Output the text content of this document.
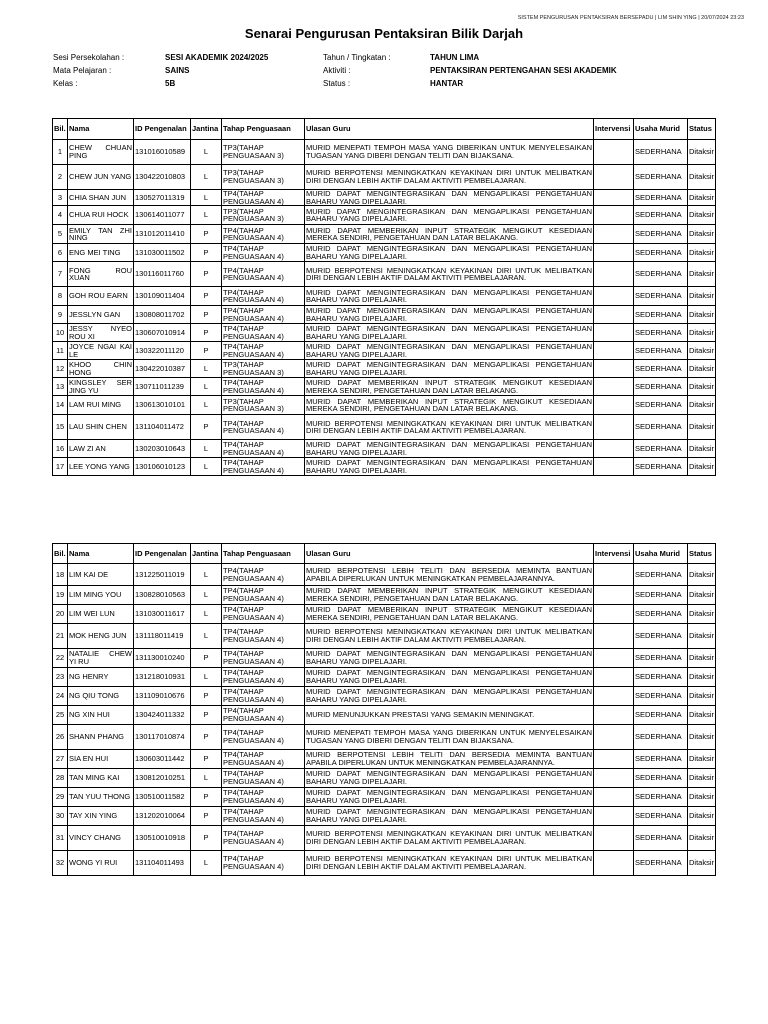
SISTEM PENGURUSAN PENTAKSIRAN BERSEPADU | LIM SHIN YING | 20/07/2024 23:23
Senarai Pengurusan Pentaksiran Bilik Darjah
Sesi Persekolahan :	SESI AKADEMIK 2024/2025	Tahun / Tingkatan :	TAHUN LIMA
Mata Pelajaran :	SAINS	Aktiviti :	PENTAKSIRAN PERTENGAHAN SESI AKADEMIK
Kelas :	5B	Status :	HANTAR
Bil.	Nama	ID Pengenalan	Jantina	Tahap Penguasaan	Ulasan Guru	Intervensi	Usaha Murid	Status
1	CHEW CHUAN PING	131016010589	L	TP3(TAHAP PENGUASAAN 3)	MURID MENEPATI TEMPOH MASA YANG DIBERIKAN UNTUK MENYELESAIKAN TUGASAN YANG DIBERI DENGAN TELITI DAN BIJAKSANA.		SEDERHANA	Ditaksir
2	CHEW JUN YANG	130422010803	L	TP3(TAHAP PENGUASAAN 3)	MURID BERPOTENSI MENINGKATKAN KEYAKINAN DIRI UNTUK MELIBATKAN DIRI DENGAN LEBIH AKTIF DALAM AKTIVITI PEMBELAJARAN.		SEDERHANA	Ditaksir
3	CHIA SHAN JUN	130527011319	L	TP4(TAHAP PENGUASAAN 4)	MURID DAPAT MENGINTEGRASIKAN DAN MENGAPLIKASI PENGETAHUAN BAHARU YANG DIPELAJARI.		SEDERHANA	Ditaksir
4	CHUA RUI HOCK	130614011077	L	TP3(TAHAP PENGUASAAN 3)	MURID DAPAT MENGINTEGRASIKAN DAN MENGAPLIKASI PENGETAHUAN BAHARU YANG DIPELAJARI.		SEDERHANA	Ditaksir
5	EMILY TAN ZHI NING	131012011410	P	TP4(TAHAP PENGUASAAN 4)	MURID DAPAT MEMBERIKAN INPUT STRATEGIK MENGIKUT KESEDIAAN MEREKA SENDIRI, PENGETAHUAN DAN LATAR BELAKANG.		SEDERHANA	Ditaksir
6	ENG MEI TING	131030011502	P	TP4(TAHAP PENGUASAAN 4)	MURID DAPAT MENGINTEGRASIKAN DAN MENGAPLIKASI PENGETAHUAN BAHARU YANG DIPELAJARI.		SEDERHANA	Ditaksir
7	FONG ROU XUAN	130116011760	P	TP4(TAHAP PENGUASAAN 4)	MURID BERPOTENSI MENINGKATKAN KEYAKINAN DIRI UNTUK MELIBATKAN DIRI DENGAN LEBIH AKTIF DALAM AKTIVITI PEMBELAJARAN.		SEDERHANA	Ditaksir
8	GOH ROU EARN	130109011404	P	TP4(TAHAP PENGUASAAN 4)	MURID DAPAT MENGINTEGRASIKAN DAN MENGAPLIKASI PENGETAHUAN BAHARU YANG DIPELAJARI.		SEDERHANA	Ditaksir
9	JESSLYN GAN	130808011702	P	TP4(TAHAP PENGUASAAN 4)	MURID DAPAT MENGINTEGRASIKAN DAN MENGAPLIKASI PENGETAHUAN BAHARU YANG DIPELAJARI.		SEDERHANA	Ditaksir
10	JESSY NYEO ROU XI	130607010914	P	TP4(TAHAP PENGUASAAN 4)	MURID DAPAT MENGINTEGRASIKAN DAN MENGAPLIKASI PENGETAHUAN BAHARU YANG DIPELAJARI.		SEDERHANA	Ditaksir
11	JOYCE NGAI KAI LE	130322011120	P	TP4(TAHAP PENGUASAAN 4)	MURID DAPAT MENGINTEGRASIKAN DAN MENGAPLIKASI PENGETAHUAN BAHARU YANG DIPELAJARI.		SEDERHANA	Ditaksir
12	KHOO CHIN HONG	130422010387	L	TP3(TAHAP PENGUASAAN 3)	MURID DAPAT MENGINTEGRASIKAN DAN MENGAPLIKASI PENGETAHUAN BAHARU YANG DIPELAJARI.		SEDERHANA	Ditaksir
13	KINGSLEY SER JING YU	130711011239	L	TP4(TAHAP PENGUASAAN 4)	MURID DAPAT MEMBERIKAN INPUT STRATEGIK MENGIKUT KESEDIAAN MEREKA SENDIRI, PENGETAHUAN DAN LATAR BELAKANG.		SEDERHANA	Ditaksir
14	LAM RUI MING	130613010101	L	TP3(TAHAP PENGUASAAN 3)	MURID DAPAT MEMBERIKAN INPUT STRATEGIK MENGIKUT KESEDIAAN MEREKA SENDIRI, PENGETAHUAN DAN LATAR BELAKANG.		SEDERHANA	Ditaksir
15	LAU SHIN CHEN	131104011472	P	TP4(TAHAP PENGUASAAN 4)	MURID BERPOTENSI MENINGKATKAN KEYAKINAN DIRI UNTUK MELIBATKAN DIRI DENGAN LEBIH AKTIF DALAM AKTIVITI PEMBELAJARAN.		SEDERHANA	Ditaksir
16	LAW ZI AN	130203010643	L	TP4(TAHAP PENGUASAAN 4)	MURID DAPAT MENGINTEGRASIKAN DAN MENGAPLIKASI PENGETAHUAN BAHARU YANG DIPELAJARI.		SEDERHANA	Ditaksir
17	LEE YONG YANG	130106010123	L	TP4(TAHAP PENGUASAAN 4)	MURID DAPAT MENGINTEGRASIKAN DAN MENGAPLIKASI PENGETAHUAN BAHARU YANG DIPELAJARI.		SEDERHANA	Ditaksir
Bil.	Nama	ID Pengenalan	Jantina	Tahap Penguasaan	Ulasan Guru	Intervensi	Usaha Murid	Status
18	LIM KAI DE	131225011019	L	TP4(TAHAP PENGUASAAN 4)	MURID BERPOTENSI LEBIH TELITI DAN BERSEDIA MEMINTA BANTUAN APABILA DIPERLUKAN UNTUK MENINGKATKAN PEMBELAJARANNYA.		SEDERHANA	Ditaksir
19	LIM MING YOU	130828010563	L	TP4(TAHAP PENGUASAAN 4)	MURID DAPAT MEMBERIKAN INPUT STRATEGIK MENGIKUT KESEDIAAN MEREKA SENDIRI, PENGETAHUAN DAN LATAR BELAKANG.		SEDERHANA	Ditaksir
20	LIM WEI LUN	131030011617	L	TP4(TAHAP PENGUASAAN 4)	MURID DAPAT MEMBERIKAN INPUT STRATEGIK MENGIKUT KESEDIAAN MEREKA SENDIRI, PENGETAHUAN DAN LATAR BELAKANG.		SEDERHANA	Ditaksir
21	MOK HENG JUN	131118011419	L	TP4(TAHAP PENGUASAAN 4)	MURID BERPOTENSI MENINGKATKAN KEYAKINAN DIRI UNTUK MELIBATKAN DIRI DENGAN LEBIH AKTIF DALAM AKTIVITI PEMBELAJARAN.		SEDERHANA	Ditaksir
22	NATALIE CHEW YI RU	131130010240	P	TP4(TAHAP PENGUASAAN 4)	MURID DAPAT MENGINTEGRASIKAN DAN MENGAPLIKASI PENGETAHUAN BAHARU YANG DIPELAJARI.		SEDERHANA	Ditaksir
23	NG HENRY	131218010931	L	TP4(TAHAP PENGUASAAN 4)	MURID DAPAT MENGINTEGRASIKAN DAN MENGAPLIKASI PENGETAHUAN BAHARU YANG DIPELAJARI.		SEDERHANA	Ditaksir
24	NG QIU TONG	131109010676	P	TP4(TAHAP PENGUASAAN 4)	MURID DAPAT MENGINTEGRASIKAN DAN MENGAPLIKASI PENGETAHUAN BAHARU YANG DIPELAJARI.		SEDERHANA	Ditaksir
25	NG XIN HUI	130424011332	P	TP4(TAHAP PENGUASAAN 4)	MURID MENUNJUKKAN PRESTASI YANG SEMAKIN MENINGKAT.		SEDERHANA	Ditaksir
26	SHANN PHANG	130117010874	P	TP4(TAHAP PENGUASAAN 4)	MURID MENEPATI TEMPOH MASA YANG DIBERIKAN UNTUK MENYELESAIKAN TUGASAN YANG DIBERI DENGAN TELITI DAN BIJAKSANA.		SEDERHANA	Ditaksir
27	SIA EN HUI	130603011442	P	TP4(TAHAP PENGUASAAN 4)	MURID BERPOTENSI LEBIH TELITI DAN BERSEDIA MEMINTA BANTUAN APABILA DIPERLUKAN UNTUK MENINGKATKAN PEMBELAJARANNYA.		SEDERHANA	Ditaksir
28	TAN MING KAI	130812010251	L	TP4(TAHAP PENGUASAAN 4)	MURID DAPAT MENGINTEGRASIKAN DAN MENGAPLIKASI PENGETAHUAN BAHARU YANG DIPELAJARI.		SEDERHANA	Ditaksir
29	TAN YUU THONG	130510011582	P	TP4(TAHAP PENGUASAAN 4)	MURID DAPAT MENGINTEGRASIKAN DAN MENGAPLIKASI PENGETAHUAN BAHARU YANG DIPELAJARI.		SEDERHANA	Ditaksir
30	TAY XIN YING	131202010064	P	TP4(TAHAP PENGUASAAN 4)	MURID DAPAT MENGINTEGRASIKAN DAN MENGAPLIKASI PENGETAHUAN BAHARU YANG DIPELAJARI.		SEDERHANA	Ditaksir
31	VINCY CHANG	130510010918	P	TP4(TAHAP PENGUASAAN 4)	MURID BERPOTENSI MENINGKATKAN KEYAKINAN DIRI UNTUK MELIBATKAN DIRI DENGAN LEBIH AKTIF DALAM AKTIVITI PEMBELAJARAN.		SEDERHANA	Ditaksir
32	WONG YI RUI	131104011493	L	TP4(TAHAP PENGUASAAN 4)	MURID BERPOTENSI MENINGKATKAN KEYAKINAN DIRI UNTUK MELIBATKAN DIRI DENGAN LEBIH AKTIF DALAM AKTIVITI PEMBELAJARAN.		SEDERHANA	Ditaksir
